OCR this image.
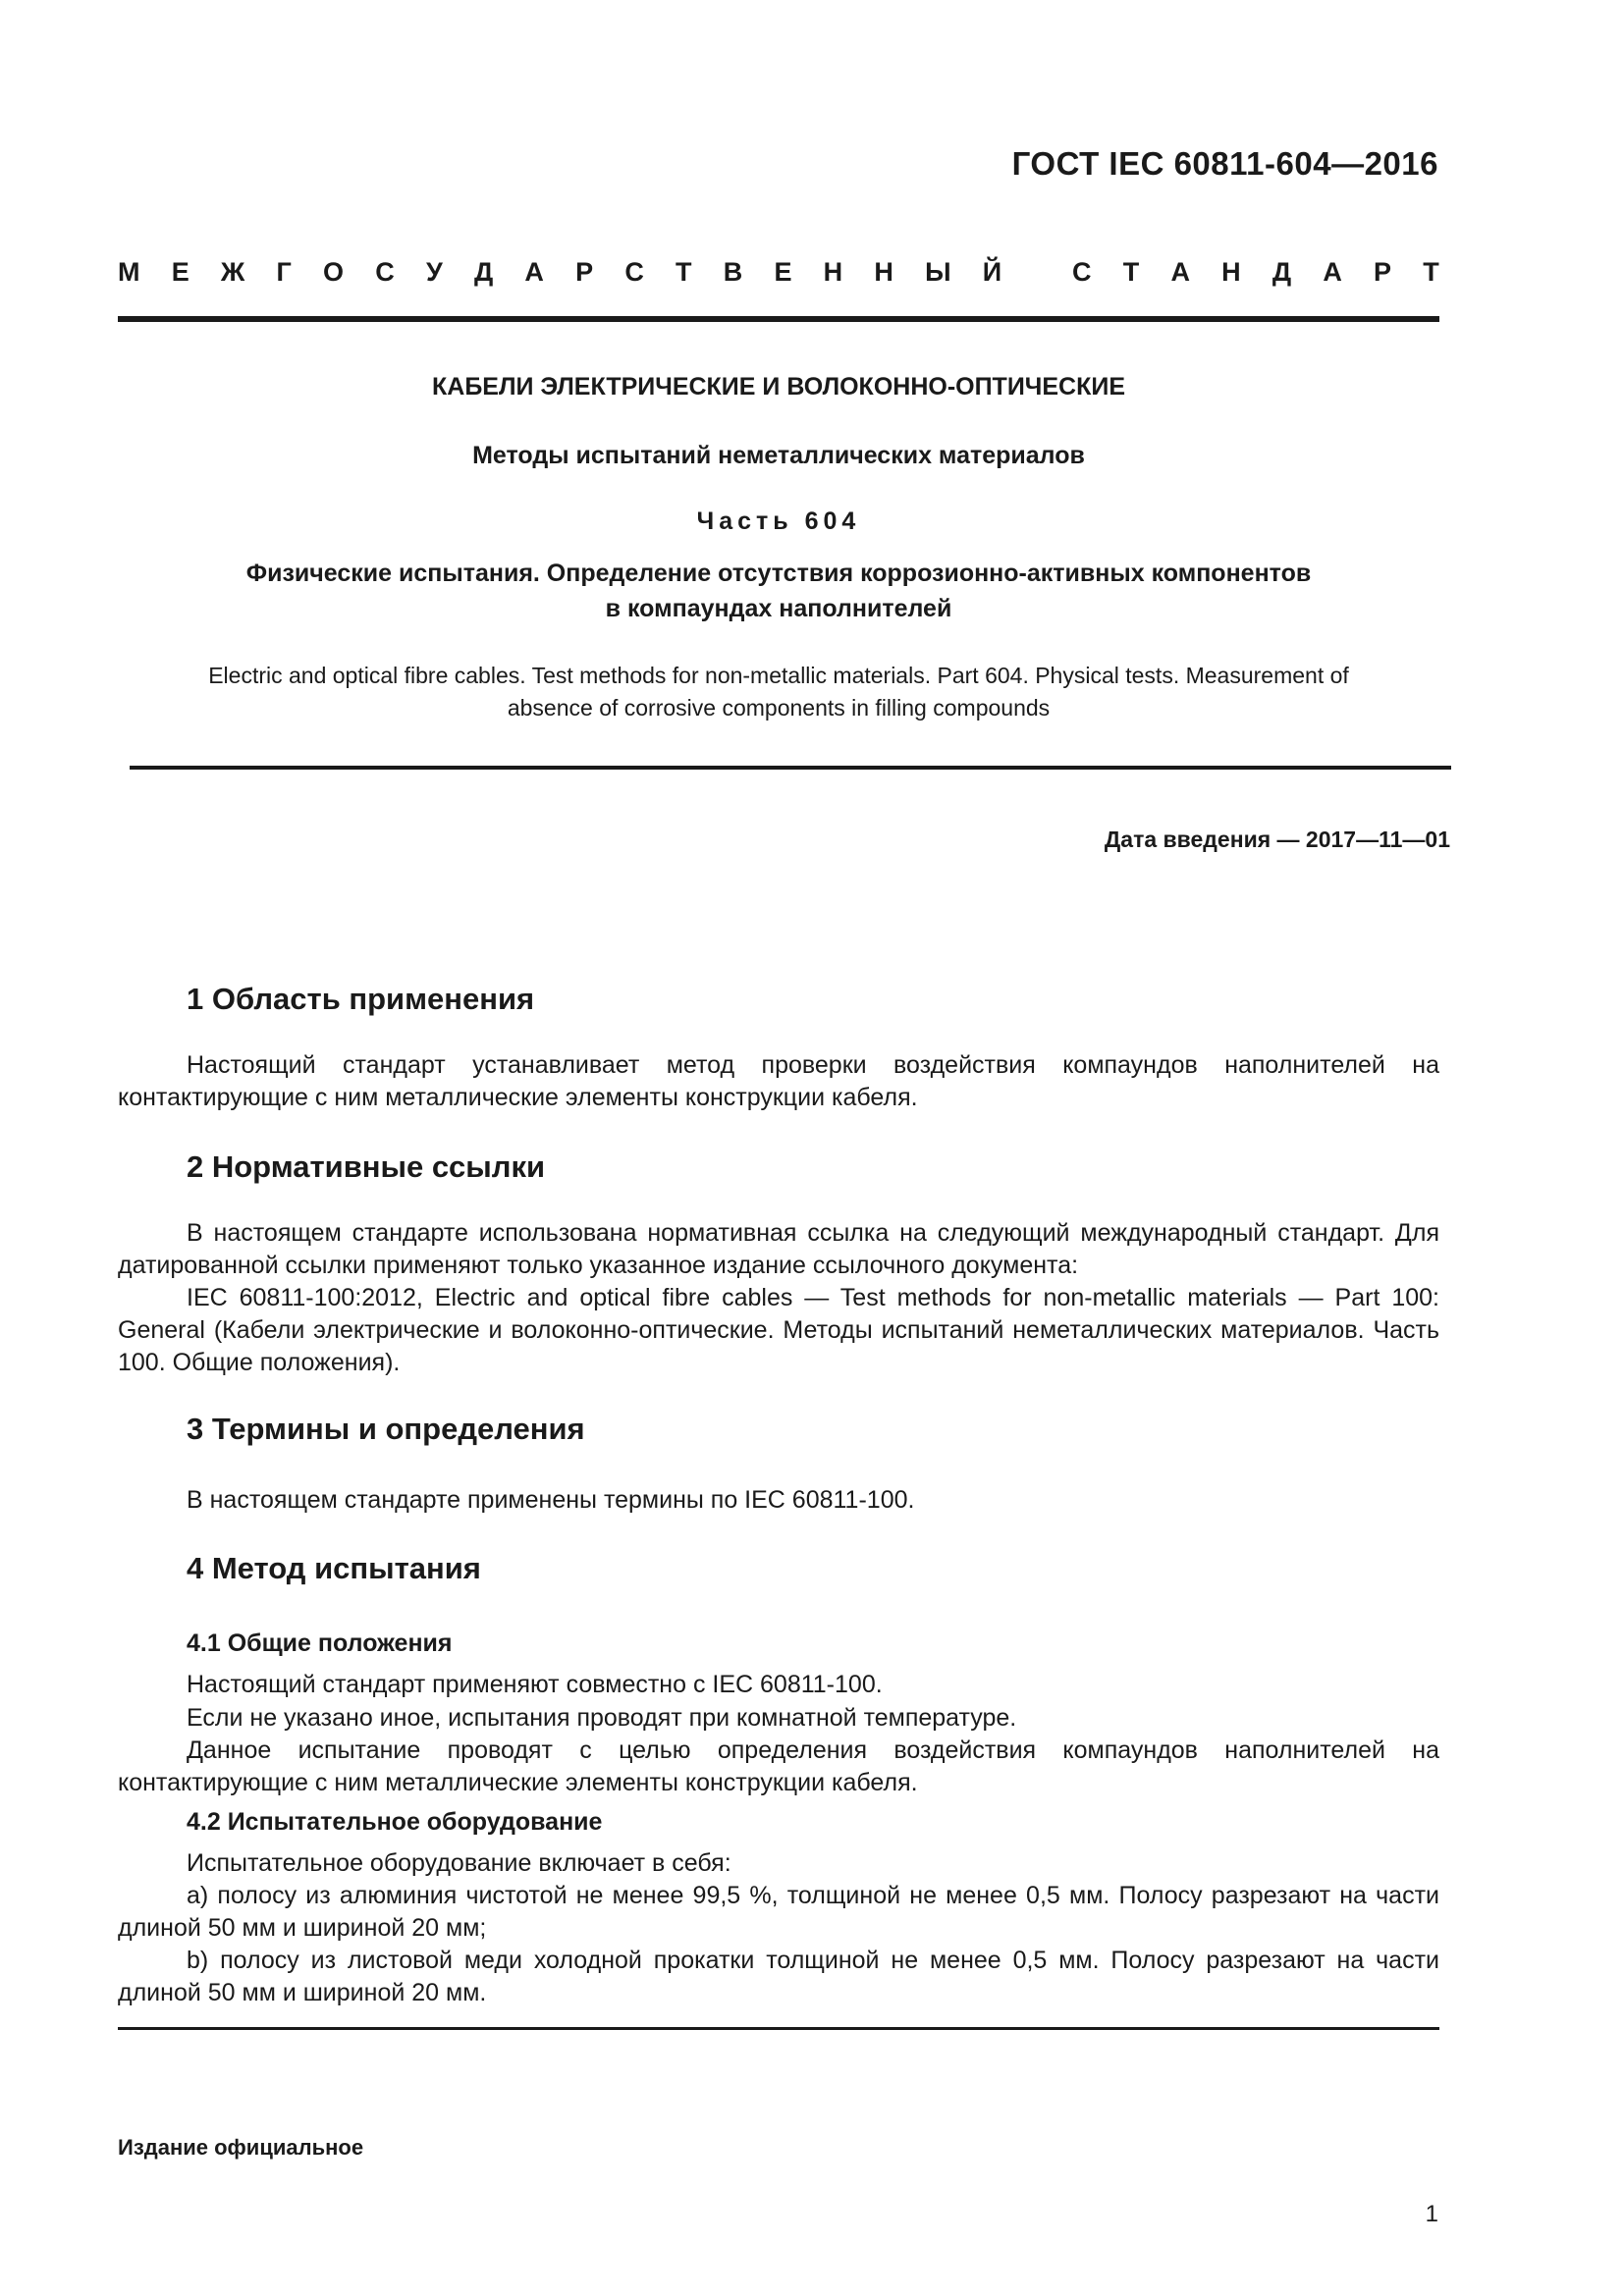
ГОСТ IEC 60811-604—2016
М Е Ж Г О С У Д А Р С Т В Е Н Н Ы Й
	С Т А Н Д А Р Т
КАБЕЛИ ЭЛЕКТРИЧЕСКИЕ И ВОЛОКОННО-ОПТИЧЕСКИЕ
Методы испытаний неметаллических материалов
Часть 604
Физические испытания. Определение отсутствия коррозионно-активных компонентов
в компаундах наполнителей
Electric and optical fibre cables. Test methods for non-metallic materials. Part 604. Physical tests. Measurement of
absence of corrosive components in filling compounds
Дата введения — 2017—11—01
1 Область применения
Настоящий стандарт устанавливает метод проверки воздействия компаундов наполнителей на контактирующие с ним металлические элементы конструкции кабеля.
2 Нормативные ссылки
В настоящем стандарте использована нормативная ссылка на следующий международный стандарт. Для датированной ссылки применяют только указанное издание ссылочного документа:
IEC 60811-100:2012, Electric and optical fibre cables — Test methods for non-metallic materials — Part 100: General (Кабели электрические и волоконно-оптические. Методы испытаний неметаллических материалов. Часть 100. Общие положения).
3 Термины и определения
В настоящем стандарте применены термины по IEC 60811-100.
4 Метод испытания
4.1 Общие положения
Настоящий стандарт применяют совместно с IEC 60811-100.
Если не указано иное, испытания проводят при комнатной температуре.
Данное испытание проводят с целью определения воздействия компаундов наполнителей на контактирующие с ним металлические элементы конструкции кабеля.
4.2 Испытательное оборудование
Испытательное оборудование включает в себя:
a) полосу из алюминия чистотой не менее 99,5 %, толщиной не менее 0,5 мм. Полосу разрезают на части длиной 50 мм и шириной 20 мм;
b) полосу из листовой меди холодной прокатки толщиной не менее 0,5 мм. Полосу разрезают на части длиной 50 мм и шириной 20 мм.
Издание официальное
1
